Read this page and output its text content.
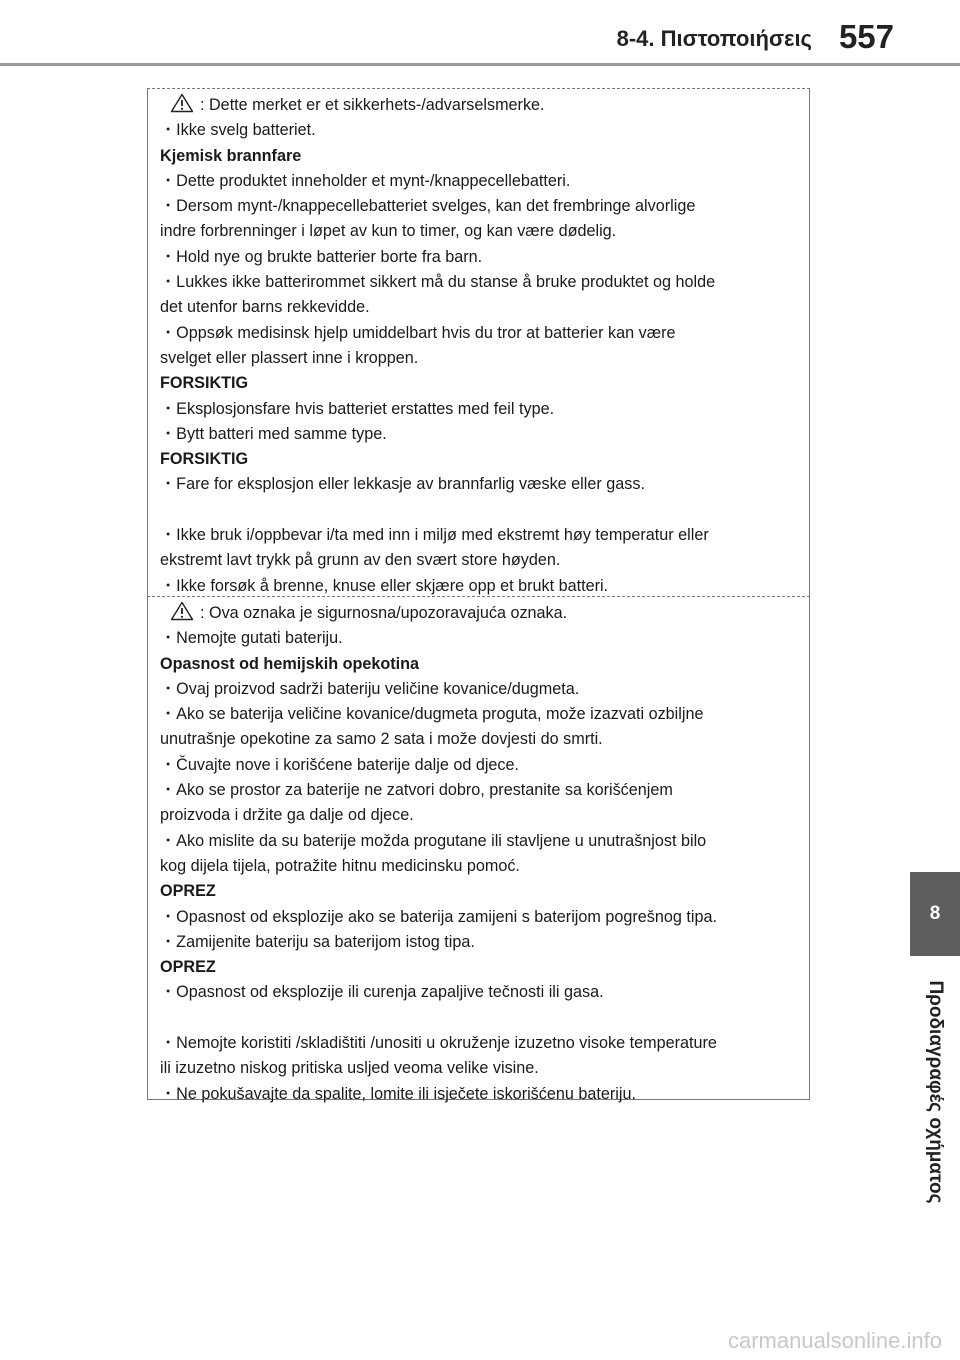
8-4. Πιστοποιήσεις 557
8
Προδιαγραφές οχήματος
: Dette merket er et sikkerhets-/advarselsmerke.
・Ikke svelg batteriet.
Kjemisk brannfare
・Dette produktet inneholder et mynt-/knappecellebatteri.
・Dersom mynt-/knappecellebatteriet svelges, kan det frembringe alvorlige
indre forbrenninger i løpet av kun to timer, og kan være dødelig.
・Hold nye og brukte batterier borte fra barn.
・Lukkes ikke batterirommet sikkert må du stanse å bruke produktet og holde
det utenfor barns rekkevidde.
・Oppsøk medisinsk hjelp umiddelbart hvis du tror at batterier kan være
svelget eller plassert inne i kroppen.
FORSIKTIG
・Eksplosjonsfare hvis batteriet erstattes med feil type.
・Bytt batteri med samme type.
FORSIKTIG
・Fare for eksplosjon eller lekkasje av brannfarlig væske eller gass.
・Ikke bruk i/oppbevar i/ta med inn i miljø med ekstremt høy temperatur eller
ekstremt lavt trykk på grunn av den svært store høyden.
・Ikke forsøk å brenne, knuse eller skjære opp et brukt batteri.
: Ova oznaka je sigurnosna/upozoravajuća oznaka.
・Nemojte gutati bateriju.
Opasnost od hemijskih opekotina
・Ovaj proizvod sadrži bateriju veličine kovanice/dugmeta.
・Ako se baterija veličine kovanice/dugmeta proguta, može izazvati ozbiljne
unutrašnje opekotine za samo 2 sata i može dovjesti do smrti.
・Čuvajte nove i korišćene baterije dalje od djece.
・Ako se prostor za baterije ne zatvori dobro, prestanite sa korišćenjem
proizvoda i držite ga dalje od djece.
・Ako mislite da su baterije možda progutane ili stavljene u unutrašnjost bilo
kog dijela tijela, potražite hitnu medicinsku pomoć.
OPREZ
・Opasnost od eksplozije ako se baterija zamijeni s baterijom pogrešnog tipa.
・Zamijenite bateriju sa baterijom istog tipa.
OPREZ
・Opasnost od eksplozije ili curenja zapaljive tečnosti ili gasa.
・Nemojte koristiti /skladištiti /unositi u okruženje izuzetno visoke temperature
ili izuzetno niskog pritiska usljed veoma velike visine.
・Ne pokušavajte da spalite, lomite ili isječete iskorišćenu bateriju.
carmanualsonline.info
